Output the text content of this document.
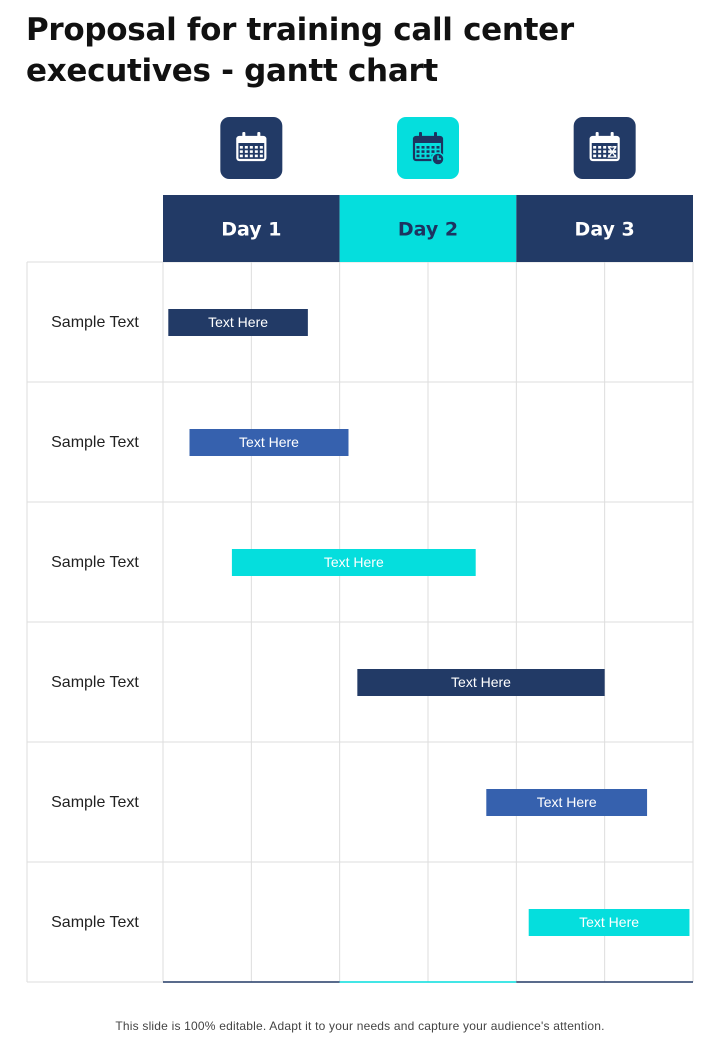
Proposal for training call center executives - gantt chart
Day 1	Day 2	Day 3
Sample Text	Text Here
Sample Text	Text Here
Sample Text	Text Here
Sample Text	Text Here
Sample Text	Text Here
Sample Text	Text Here
This slide is 100% editable. Adapt it to your needs and capture your audience's attention.
